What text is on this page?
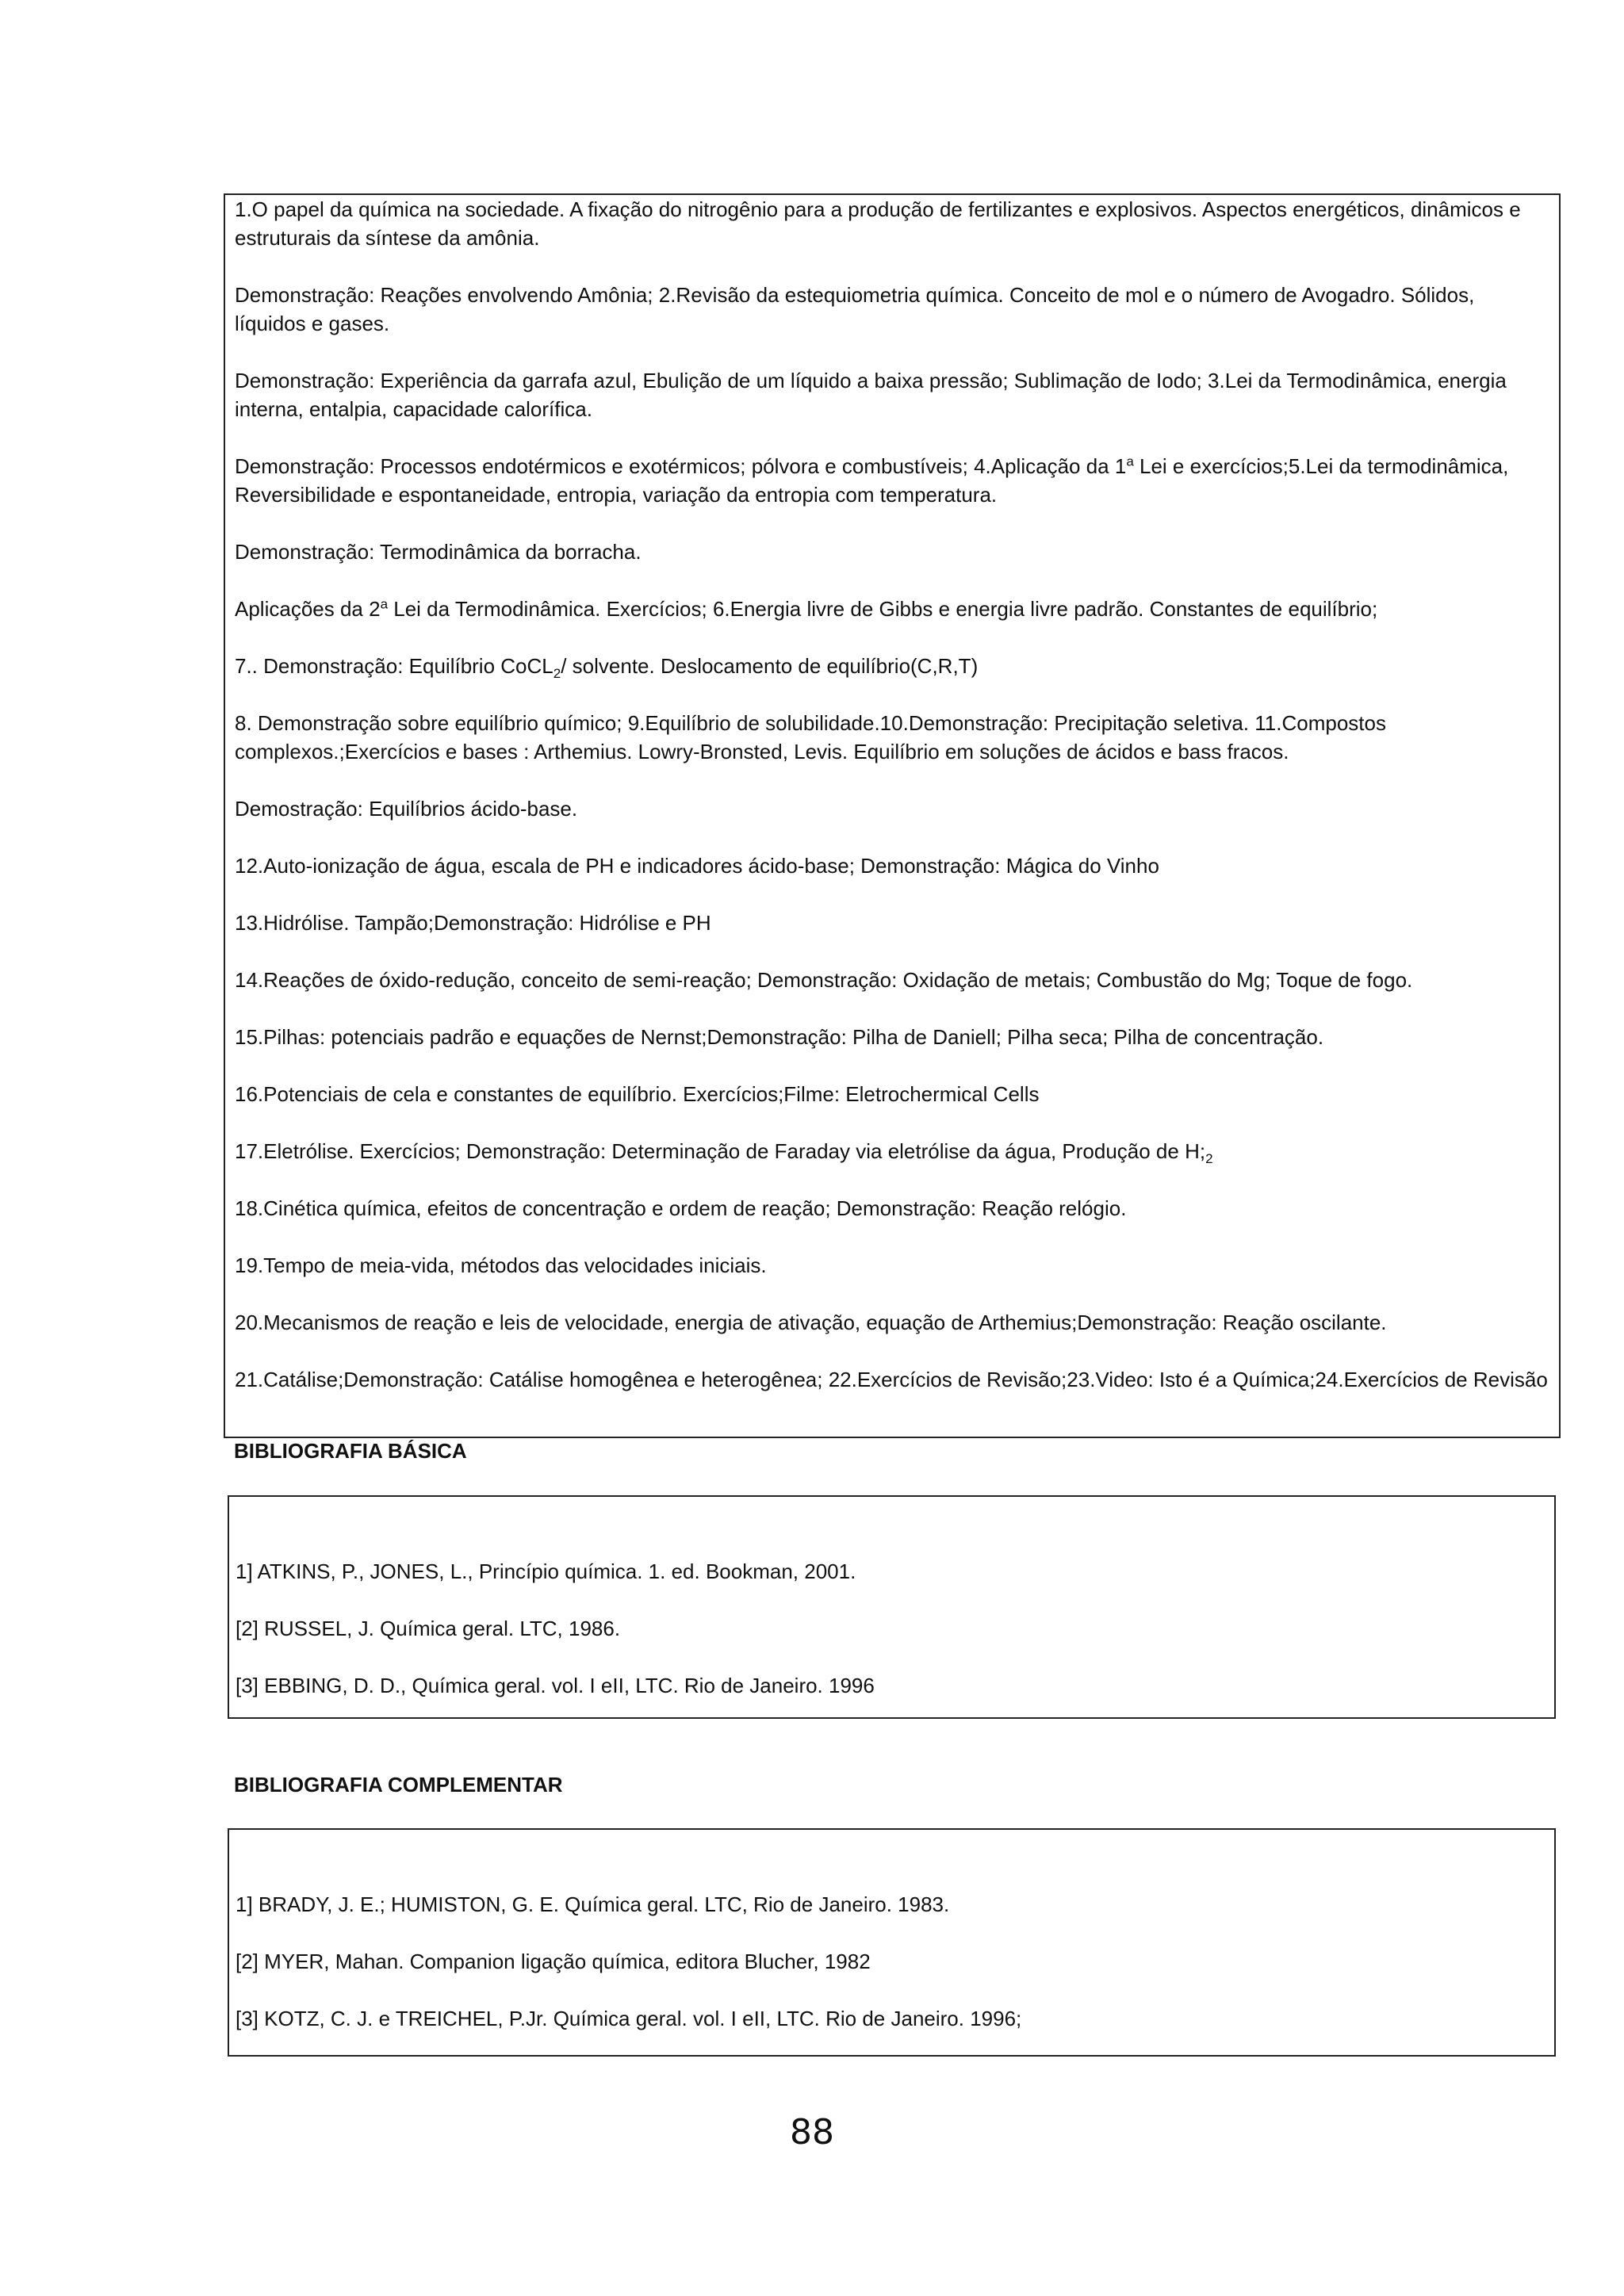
1.O papel da química na sociedade. A fixação do nitrogênio para a produção de fertilizantes e explosivos. Aspectos energéticos, dinâmicos e estruturais da síntese da amônia.

Demonstração: Reações envolvendo Amônia; 2.Revisão da estequiometria química. Conceito de mol e o número de Avogadro. Sólidos, líquidos e gases.

Demonstração: Experiência da garrafa azul, Ebulição de um líquido a baixa pressão; Sublimação de Iodo; 3.Lei da Termodinâmica, energia interna, entalpia, capacidade calorífica.

Demonstração: Processos endotérmicos e exotérmicos; pólvora e combustíveis; 4.Aplicação da 1$^a$ Lei e exercícios;5.Lei da termodinâmica, Reversibilidade e espontaneidade, entropia, variação da entropia com temperatura.

Demonstração: Termodinâmica da borracha.

Aplicações da 2$^a$ Lei da Termodinâmica. Exercícios; 6.Energia livre de Gibbs e energia livre padrão. Constantes de equilíbrio;

7.. Demonstração: Equilíbrio CoCL$_2$/ solvente. Deslocamento de equilíbrio(C,R,T)

8. Demonstração sobre equilíbrio químico; 9.Equilíbrio de solubilidade.10.Demonstração: Precipitação seletiva. 11.Compostos complexos.;Exercícios e bases : Arthemius. Lowry-Bronsted, Levis. Equilíbrio em soluções de ácidos e bass fracos.

Demostração: Equilíbrios ácido-base.

12.Auto-ionização de água, escala de PH e indicadores ácido-base; Demonstração: Mágica do Vinho

13.Hidrólise. Tampão;Demonstração: Hidrólise e PH

14.Reações de óxido-redução, conceito de semi-reação; Demonstração: Oxidação de metais; Combustão do Mg; Toque de fogo.

15.Pilhas: potenciais padrão e equações de Nernst;Demonstração: Pilha de Daniell; Pilha seca; Pilha de concentração.

16.Potenciais de cela e constantes de equilíbrio. Exercícios;Filme: Eletrochermical Cells

17.Eletrólise. Exercícios; Demonstração: Determinação de Faraday via eletrólise da água, Produção de $H;_2$

18.Cinética química, efeitos de concentração e ordem de reação; Demonstração: Reação relógio.

19.Tempo de meia-vida, métodos das velocidades iniciais.

20.Mecanismos de reação e leis de velocidade, energia de ativação, equação de Arthemius;Demonstração: Reação oscilante.

21.Catálise;Demonstração: Catálise homogênea e heterogênea; 22.Exercícios de Revisão;23.Video: Isto é a Química;24.Exercícios de Revisão

BIBLIOGRAFIA BÁSICA

1] ATKINS, P., JONES, L., Princípio química. 1. ed. Bookman, 2001.

[2] RUSSEL, J. Química geral. LTC, 1986.

[3] EBBING, D. D., Química geral. vol. I eII, LTC. Rio de Janeiro. 1996

BIBLIOGRAFIA COMPLEMENTAR

1] BRADY, J. E.; HUMISTON, G. E. Química geral. LTC, Rio de Janeiro. 1983.

[2] MYER, Mahan. Companion ligação química, editora Blucher, 1982

[3] KOTZ, C. J. e TREICHEL, P.Jr. Química geral. vol. I eII, LTC. Rio de Janeiro. 1996;

88
